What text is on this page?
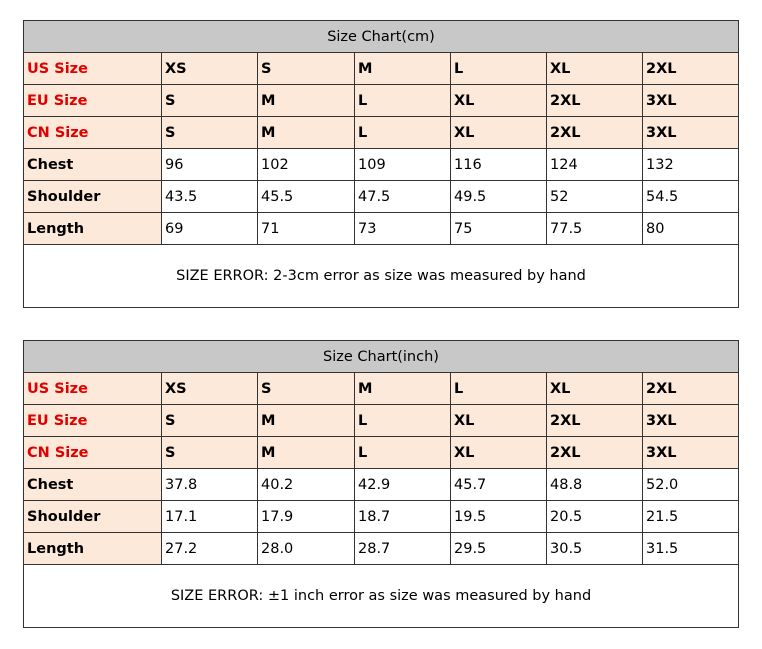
Size Chart(cm)						
US Size	XS	S	M	L	XL	2XL
EU Size	S	M	L	XL	2XL	3XL
CN Size	S	M	L	XL	2XL	3XL
Chest	96	102	109	116	124	132
Shoulder	43.5	45.5	47.5	49.5	52	54.5
Length	69	71	73	75	77.5	80
SIZE ERROR: 2-3cm error as size was measured by hand						
Size Chart(inch)						
US Size	XS	S	M	L	XL	2XL
EU Size	S	M	L	XL	2XL	3XL
CN Size	S	M	L	XL	2XL	3XL
Chest	37.8	40.2	42.9	45.7	48.8	52.0
Shoulder	17.1	17.9	18.7	19.5	20.5	21.5
Length	27.2	28.0	28.7	29.5	30.5	31.5
SIZE ERROR: ±1 inch error as size was measured by hand						
